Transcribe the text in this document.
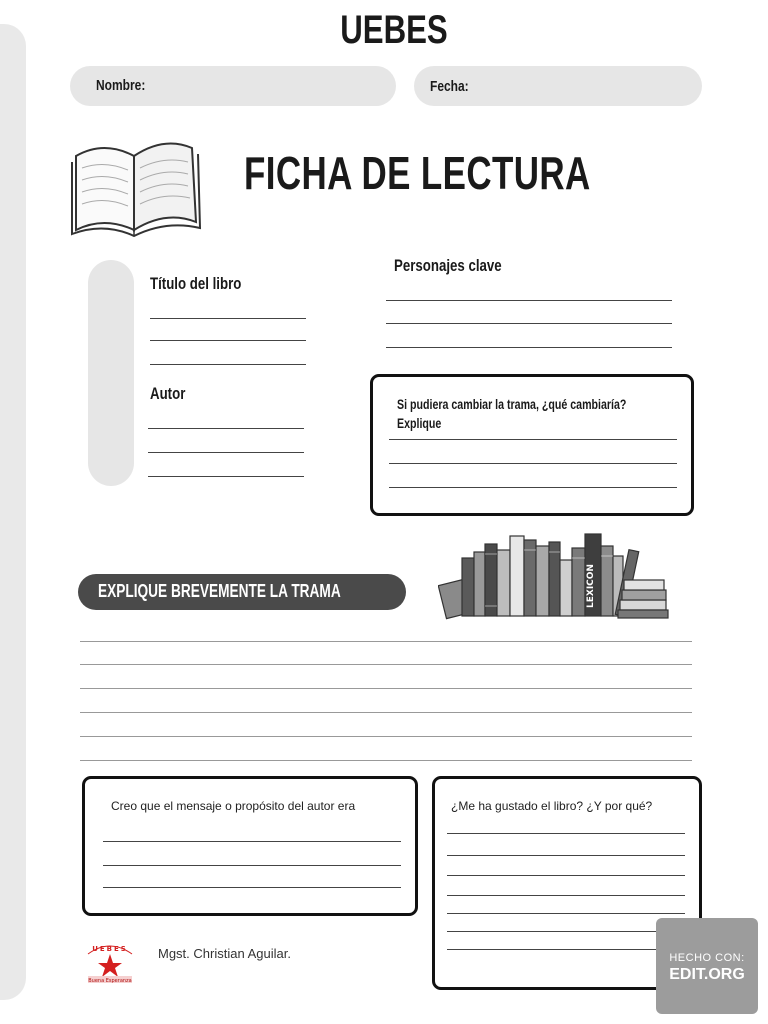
UEBES
Nombre:	Fecha:
FICHA DE LECTURA
Título del libro
Autor
Personajes clave
Si pudiera cambiar la trama, ¿qué cambiaría? Explique
LEXICON
EXPLIQUE BREVEMENTE LA TRAMA
Creo que el mensaje o propósito del autor era	¿Me ha gustado el libro? ¿Y por qué?
UEBES
Buena Esperanza
Mgst. Christian Aguilar.	HECHO CON:
EDIT.ORG
